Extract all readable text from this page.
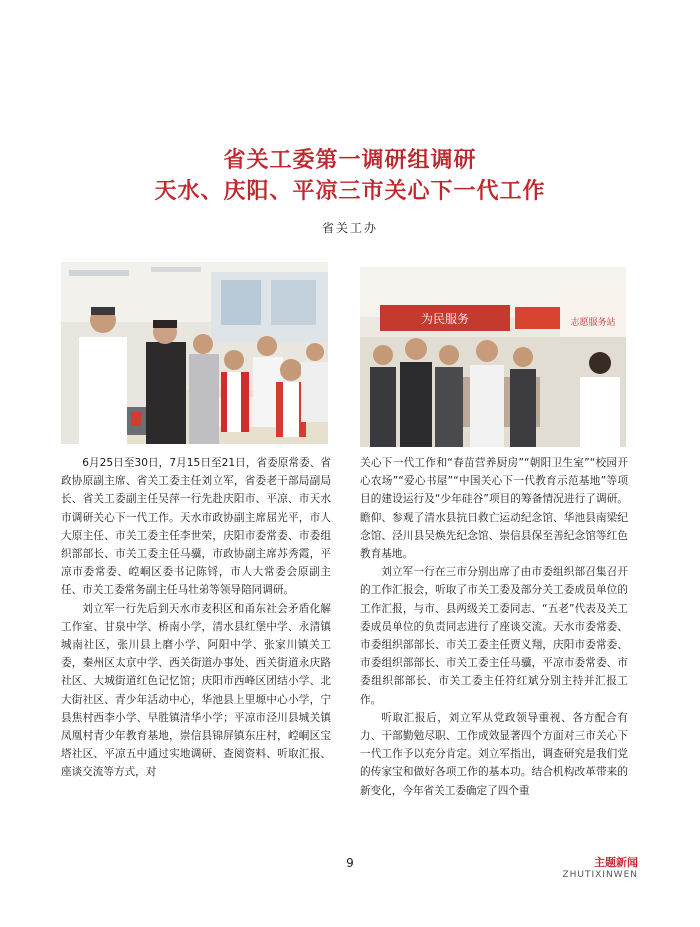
省关工委第一调研组调研
天水、庆阳、平凉三市关心下一代工作
省关工办
为民服务	志愿服务站

6月25日至30日，7月15日至21日，省委原常委、省政协原副主席、省关工委主任刘立军，省委老干部局副局长、省关工委副主任吴萍一行先赴庆阳市、平凉、市天水市调研关心下一代工作。天水市政协副主席屈光平，市人大原主任、市关工委主任李世荣，庆阳市委常委、市委组织部部长、市关工委主任马骥，市政协副主席苏秀霞，平凉市委常委、崆峒区委书记陈锊，市人大常委会原副主任、市关工委常务副主任马壮弟等领导陪同调研。

刘立军一行先后到天水市麦积区和甬东社会矛盾化解工作室、甘泉中学、桥南小学，清水县红堡中学、永清镇城南社区，张川县上磨小学、阿阳中学、张家川镇关工委，秦州区太京中学、西关街道办事处、西关街道永庆路社区、大城街道红色记忆馆；庆阳市西峰区团结小学、北大街社区、青少年活动中心，华池县上里塬中心小学，宁县焦村西李小学、早胜镇清华小学；平凉市泾川县城关镇凤凰村青少年教育基地，崇信县锦屏镇东庄村，崆峒区宝塔社区、平凉五中通过实地调研、查阅资料、听取汇报、座谈交流等方式，对

关心下一代工作和“春苗营养厨房”“朝阳卫生室”“校园开心农场”“爱心书屋”“中国关心下一代教育示范基地”等项目的建设运行及“少年硅谷”项目的筹备情况进行了调研。瞻仰、参观了清水县抗日救亡运动纪念馆、华池县南梁纪念馆、泾川县吴焕先纪念馆、崇信县保至善纪念馆等红色教育基地。

刘立军一行在三市分别出席了由市委组织部召集召开的工作汇报会，听取了市关工委及部分关工委成员单位的工作汇报，与市、县两级关工委同志、“五老”代表及关工委成员单位的负责同志进行了座谈交流。天水市委常委、市委组织部部长、市关工委主任贾义翔，庆阳市委常委、市委组织部部长、市关工委主任马骥，平凉市委常委、市委组织部部长、市关工委主任符红斌分别主持并汇报工作。

听取汇报后，刘立军从党政领导重视、各方配合有力、干部勤勉尽职、工作成效显著四个方面对三市关心下一代工作予以充分肯定。刘立军指出，调查研究是我们党的传家宝和做好各项工作的基本功。结合机构改革带来的新变化，今年省关工委确定了四个重

9	主题新闻
ZHUTIXINWEN
